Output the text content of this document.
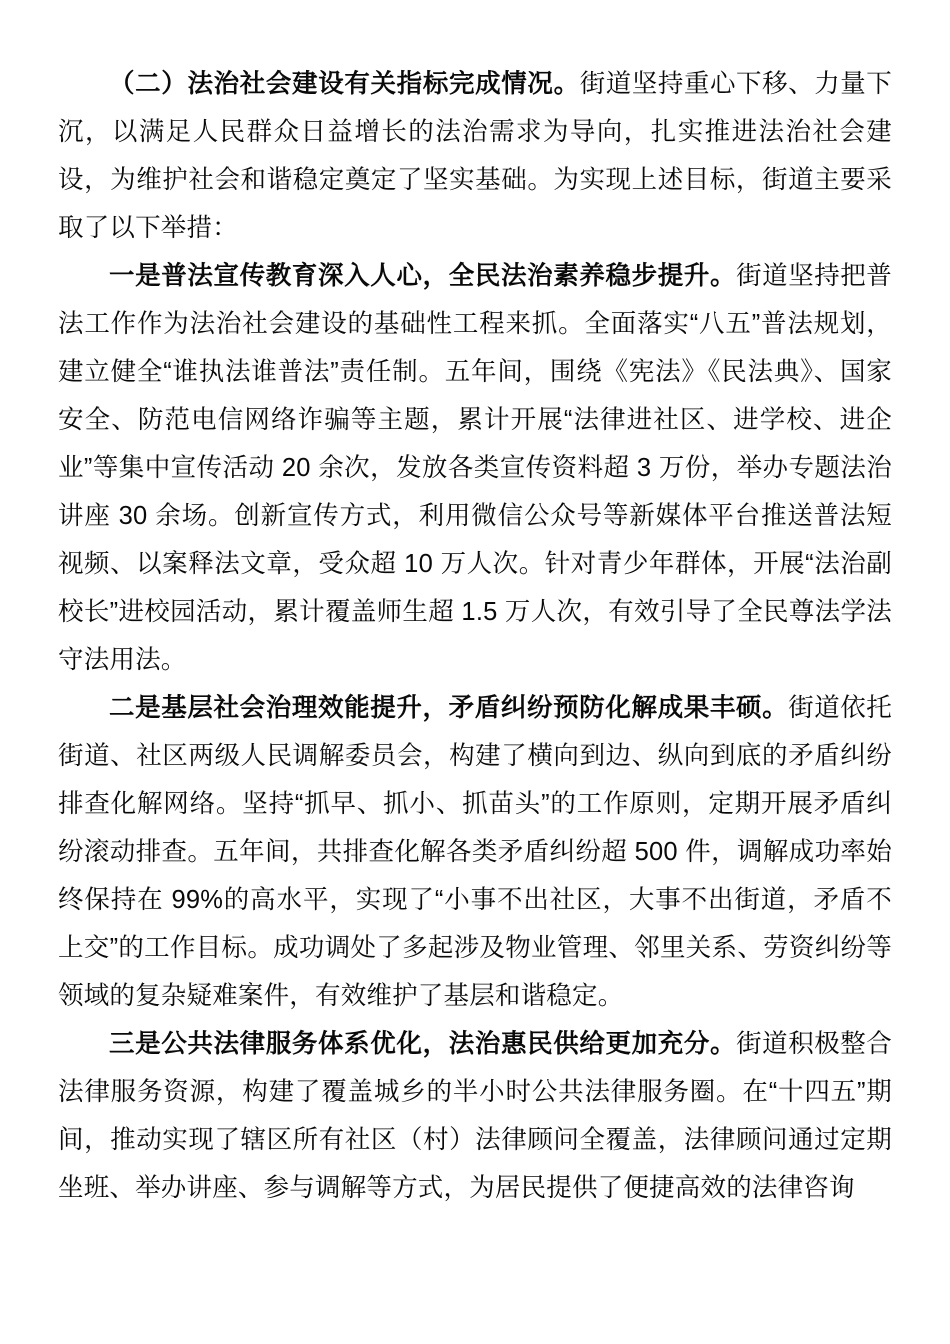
（二）法治社会建设有关指标完成情况。街道坚持重心下移、力量下沉，以满足人民群众日益增长的法治需求为导向，扎实推进法治社会建设，为维护社会和谐稳定奠定了坚实基础。为实现上述目标，街道主要采取了以下举措：

一是普法宣传教育深入人心，全民法治素养稳步提升。街道坚持把普法工作作为法治社会建设的基础性工程来抓。全面落实“八五”普法规划，建立健全“谁执法谁普法”责任制。五年间，围绕《宪法》《民法典》、国家安全、防范电信网络诈骗等主题，累计开展“法律进社区、进学校、进企业”等集中宣传活动 20 余次，发放各类宣传资料超 3 万份，举办专题法治讲座 30 余场。创新宣传方式，利用微信公众号等新媒体平台推送普法短视频、以案释法文章，受众超 10 万人次。针对青少年群体，开展“法治副校长”进校园活动，累计覆盖师生超 1.5 万人次，有效引导了全民尊法学法守法用法。

二是基层社会治理效能提升，矛盾纠纷预防化解成果丰硕。街道依托街道、社区两级人民调解委员会，构建了横向到边、纵向到底的矛盾纠纷排查化解网络。坚持“抓早、抓小、抓苗头”的工作原则，定期开展矛盾纠纷滚动排查。五年间，共排查化解各类矛盾纠纷超 500 件，调解成功率始终保持在 99%的高水平，实现了“小事不出社区，大事不出街道，矛盾不上交”的工作目标。成功调处了多起涉及物业管理、邻里关系、劳资纠纷等领域的复杂疑难案件，有效维护了基层和谐稳定。

三是公共法律服务体系优化，法治惠民供给更加充分。街道积极整合法律服务资源，构建了覆盖城乡的半小时公共法律服务圈。在“十四五”期间，推动实现了辖区所有社区（村）法律顾问全覆盖，法律顾问通过定期坐班、举办讲座、参与调解等方式，为居民提供了便捷高效的法律咨询
